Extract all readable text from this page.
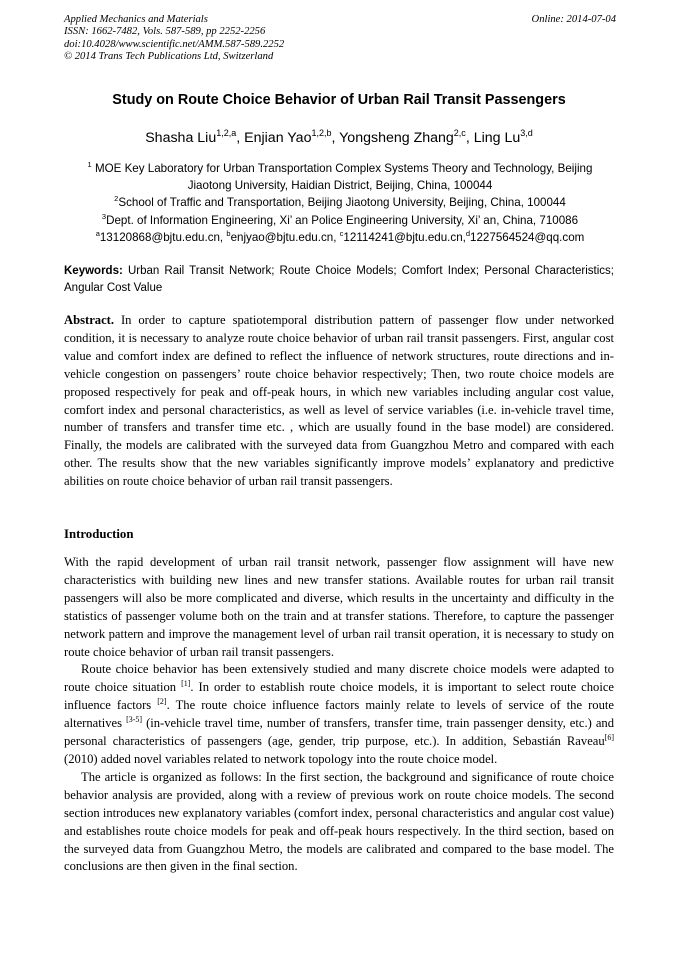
Applied Mechanics and Materials
ISSN: 1662-7482, Vols. 587-589, pp 2252-2256
doi:10.4028/www.scientific.net/AMM.587-589.2252
© 2014 Trans Tech Publications Ltd, Switzerland
Online: 2014-07-04
Study on Route Choice Behavior of Urban Rail Transit Passengers
Shasha Liu$^{1,2,a}$, Enjian Yao$^{1,2,b}$, Yongsheng Zhang$^{2,c}$, Ling Lu$^{3,d}$
$^1$ MOE Key Laboratory for Urban Transportation Complex Systems Theory and Technology, Beijing
Jiaotong University, Haidian District, Beijing, China, 100044
$^2$School of Traffic and Transportation, Beijing Jiaotong University, Beijing, China, 100044
$^3$Dept. of Information Engineering, Xi’ an Police Engineering University, Xi’ an, China, 710086
$^a$13120868@bjtu.edu.cn, $^b$enjyao@bjtu.edu.cn, $^c$12114241@bjtu.edu.cn,$^d$1227564524@qq.com
Keywords: Urban Rail Transit Network; Route Choice Models; Comfort Index; Personal Characteristics; Angular Cost Value
Abstract. In order to capture spatiotemporal distribution pattern of passenger flow under networked condition, it is necessary to analyze route choice behavior of urban rail transit passengers. First, angular cost value and comfort index are defined to reflect the influence of network structures, route directions and in-vehicle congestion on passengers’ route choice behavior respectively; Then, two route choice models are proposed respectively for peak and off-peak hours, in which new variables including angular cost value, comfort index and personal characteristics, as well as level of service variables (i.e. in-vehicle travel time, number of transfers and transfer time etc. , which are usually found in the base model) are considered. Finally, the models are calibrated with the surveyed data from Guangzhou Metro and compared with each other. The results show that the new variables significantly improve models’ explanatory and predictive abilities on route choice behavior of urban rail transit passengers.
Introduction

With the rapid development of urban rail transit network, passenger flow assignment will have new characteristics with building new lines and new transfer stations. Available routes for urban rail transit passengers will also be more complicated and diverse, which results in the uncertainty and difficulty in the statistics of passenger volume both on the train and at transfer stations. Therefore, to capture the passenger network pattern and improve the management level of urban rail transit operation, it is necessary to study on route choice behavior of urban rail transit passengers.

Route choice behavior has been extensively studied and many discrete choice models were adapted to route choice situation [1]. In order to establish route choice models, it is important to select route choice influence factors [2]. The route choice influence factors mainly relate to levels of service of the route alternatives [3-5] (in-vehicle travel time, number of transfers, transfer time, train passenger density, etc.) and personal characteristics of passengers (age, gender, trip purpose, etc.). In addition, Sebastián Raveau[6] (2010) added novel variables related to network topology into the route choice model.

The article is organized as follows: In the first section, the background and significance of route choice behavior analysis are provided, along with a review of previous work on route choice models. The second section introduces new explanatory variables (comfort index, personal characteristics and angular cost value) and establishes route choice models for peak and off-peak hours respectively. In the third section, based on the surveyed data from Guangzhou Metro, the models are calibrated and compared to the base model. The conclusions are then given in the final section.
